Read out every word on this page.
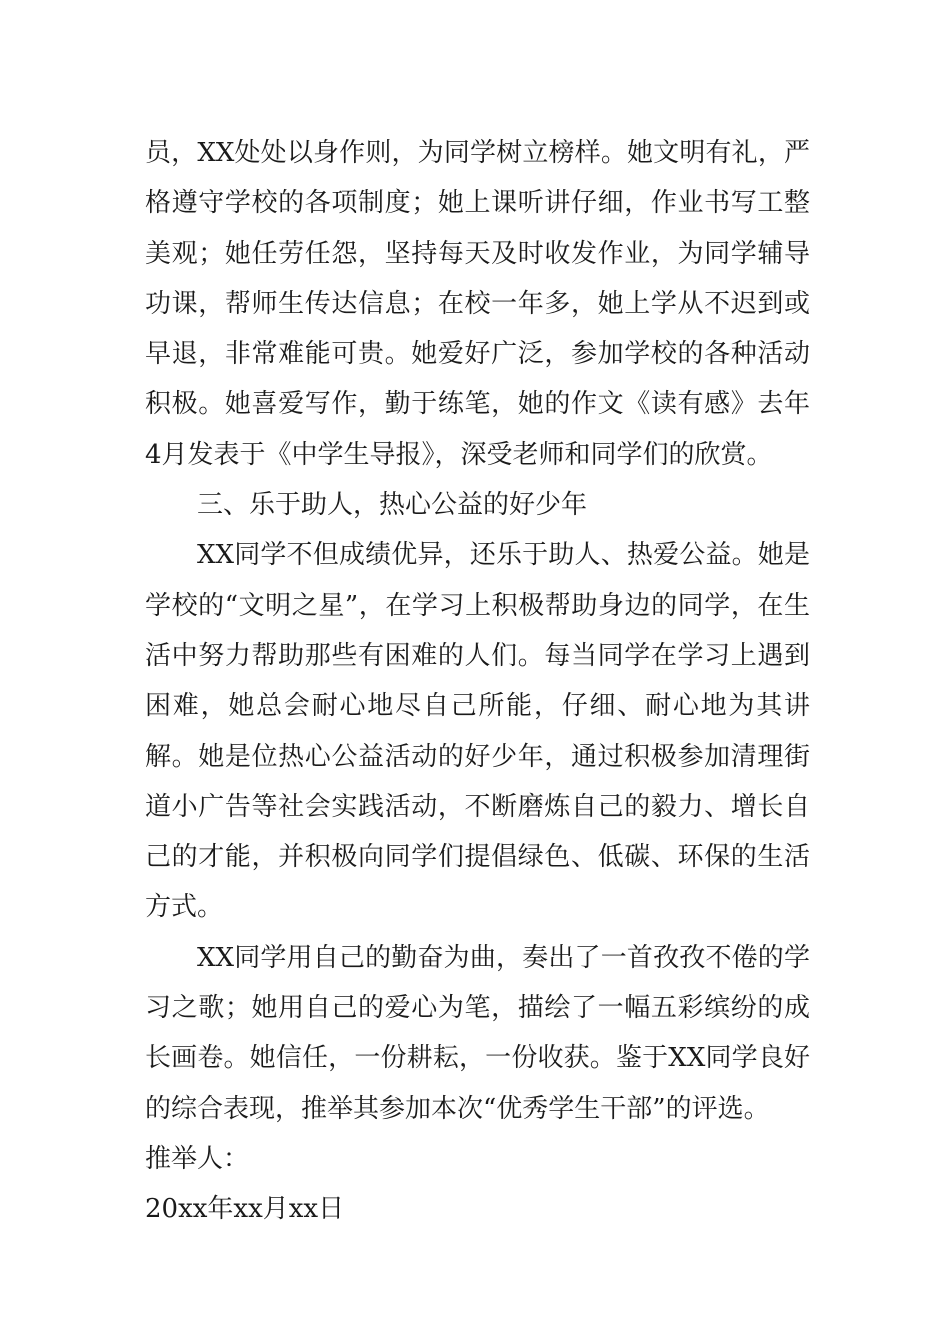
员，XX处处以身作则，为同学树立榜样。她文明有礼，严格遵守学校的各项制度；她上课听讲仔细，作业书写工整美观；她任劳任怨，坚持每天及时收发作业，为同学辅导功课，帮师生传达信息；在校一年多，她上学从不迟到或早退，非常难能可贵。她爱好广泛，参加学校的各种活动积极。她喜爱写作，勤于练笔，她的作文《读有感》去年4月发表于《中学生导报》，深受老师和同学们的欣赏。

三、乐于助人，热心公益的好少年

XX同学不但成绩优异，还乐于助人、热爱公益。她是学校的“文明之星”，在学习上积极帮助身边的同学，在生活中努力帮助那些有困难的人们。每当同学在学习上遇到困难，她总会耐心地尽自己所能，仔细、耐心地为其讲解。她是位热心公益活动的好少年，通过积极参加清理街道小广告等社会实践活动，不断磨炼自己的毅力、增长自己的才能，并积极向同学们提倡绿色、低碳、环保的生活方式。

XX同学用自己的勤奋为曲，奏出了一首孜孜不倦的学习之歌；她用自己的爱心为笔，描绘了一幅五彩缤纷的成长画卷。她信任，一份耕耘，一份收获。鉴于XX同学良好的综合表现，推举其参加本次“优秀学生干部”的评选。

推举人：

20xx年xx月xx日
